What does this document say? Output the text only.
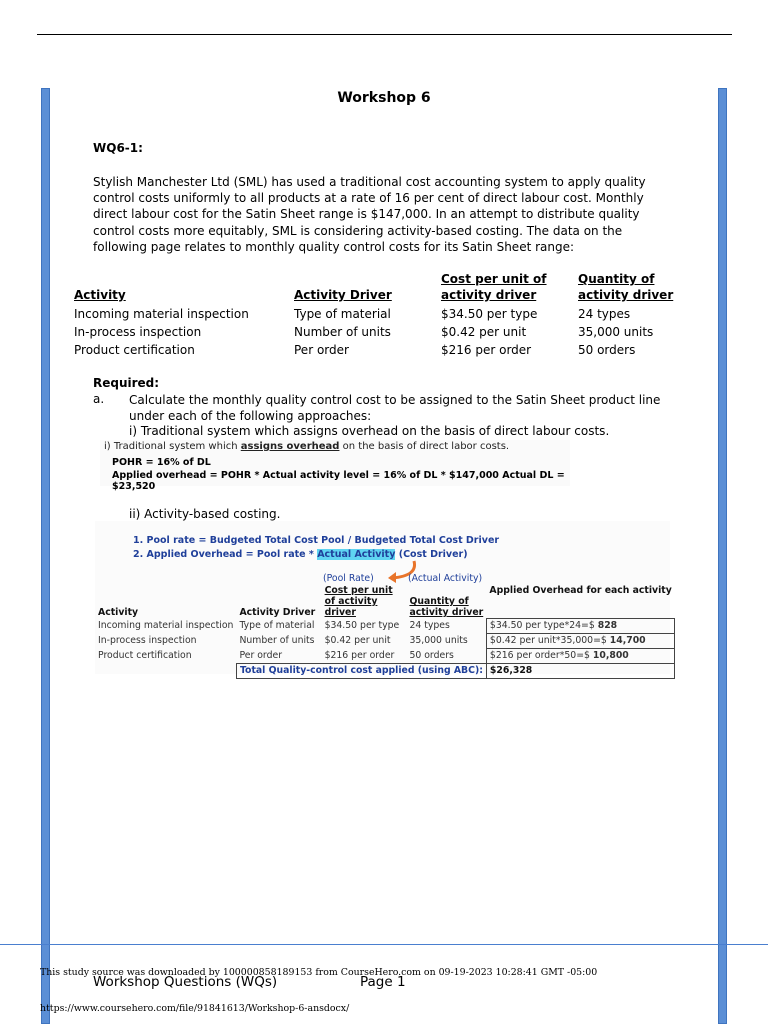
Workshop 6
WQ6-1:
Stylish Manchester Ltd (SML) has used a traditional cost accounting system to apply quality control costs uniformly to all products at a rate of 16 per cent of direct labour cost. Monthly direct labour cost for the Satin Sheet range is $147,000. In an attempt to distribute quality control costs more equitably, SML is considering activity-based costing. The data on the following page relates to monthly quality control costs for its Satin Sheet range:
Activity	Activity Driver	Cost per unit of activity driver	Quantity of activity driver
Incoming material inspection	Type of material	$34.50 per type	24 types
In-process inspection	Number of units	$0.42 per unit	35,000 units
Product certification	Per order	$216 per order	50 orders
Required:
a. Calculate the monthly quality control cost to be assigned to the Satin Sheet product line under each of the following approaches:
i) Traditional system which assigns overhead on the basis of direct labour costs.
i) Traditional system which assigns overhead on the basis of direct labor costs.
POHR = 16% of DL
Applied overhead = POHR * Actual activity level = 16% of DL * $147,000 Actual DL = $23,520
ii) Activity-based costing.
1. Pool rate = Budgeted Total Cost Pool / Budgeted Total Cost Driver
2. Applied Overhead = Pool rate * Actual Activity (Cost Driver)
(Pool Rate)	(Actual Activity)
Activity	Activity Driver	Cost per unit of activity driver	Quantity of activity driver	Applied Overhead for each activity
Incoming material inspection	Type of material	$34.50 per type	24 types	$34.50 per type*24=$ 828
In-process inspection	Number of units	$0.42 per unit	35,000 units	$0.42 per unit*35,000=$ 14,700
Product certification	Per order	$216 per order	50 orders	$216 per order*50=$ 10,800
	Total Quality-control cost applied (using ABC):			$26,328
This study source was downloaded by 100000858189153 from CourseHero.com on 09-19-2023 10:28:41 GMT -05:00
Workshop Questions (WQs)	Page 1
https://www.coursehero.com/file/91841613/Workshop-6-ansdocx/
